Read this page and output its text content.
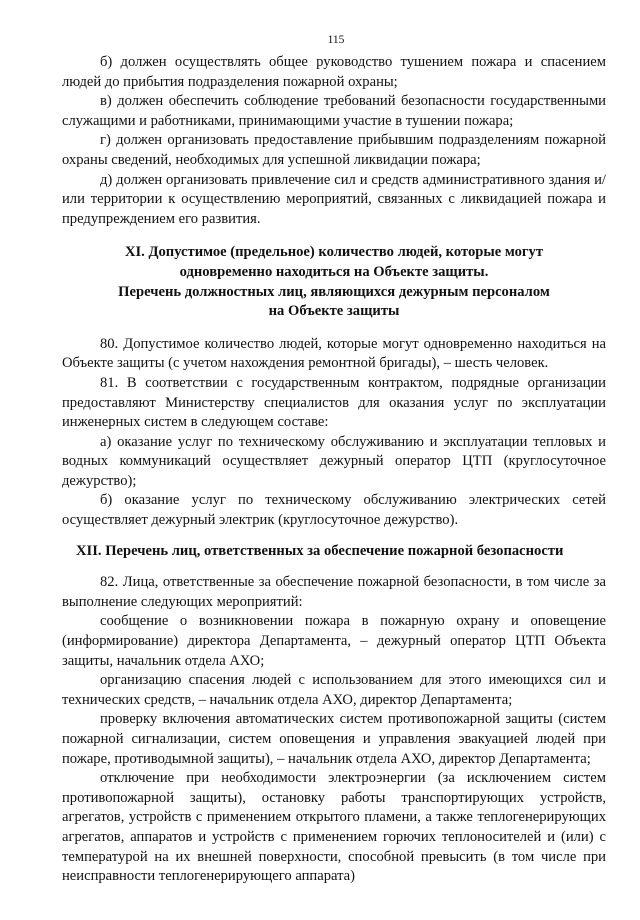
115

б) должен осуществлять общее руководство тушением пожара и спасением людей до прибытия подразделения пожарной охраны;

в) должен обеспечить соблюдение требований безопасности государственными служащими и работниками, принимающими участие в тушении пожара;

г) должен организовать предоставление прибывшим подразделениям пожарной охраны сведений, необходимых для успешной ликвидации пожара;

д) должен организовать привлечение сил и средств административного здания и/или территории к осуществлению мероприятий, связанных с ликвидацией пожара и предупреждением его развития.

XI. Допустимое (предельное) количество людей, которые могут
одновременно находиться на Объекте защиты.
Перечень должностных лиц, являющихся дежурным персоналом
на Объекте защиты

80. Допустимое количество людей, которые могут одновременно находиться на Объекте защиты (с учетом нахождения ремонтной бригады), – шесть человек.

81. В соответствии с государственным контрактом, подрядные организации предоставляют Министерству специалистов для оказания услуг по эксплуатации инженерных систем в следующем составе:

а) оказание услуг по техническому обслуживанию и эксплуатации тепловых и водных коммуникаций осуществляет дежурный оператор ЦТП (круглосуточное дежурство);

б) оказание услуг по техническому обслуживанию электрических сетей осуществляет дежурный электрик (круглосуточное дежурство).

XII. Перечень лиц, ответственных за обеспечение пожарной безопасности

82. Лица, ответственные за обеспечение пожарной безопасности, в том числе за выполнение следующих мероприятий:

сообщение о возникновении пожара в пожарную охрану и оповещение (информирование) директора Департамента, – дежурный оператор ЦТП Объекта защиты, начальник отдела АХО;

организацию спасения людей с использованием для этого имеющихся сил и технических средств, – начальник отдела АХО, директор Департамента;

проверку включения автоматических систем противопожарной защиты (систем пожарной сигнализации, систем оповещения и управления эвакуацией людей при пожаре, противодымной защиты), – начальник отдела АХО, директор Департамента;

отключение при необходимости электроэнергии (за исключением систем противопожарной защиты), остановку работы транспортирующих устройств, агрегатов, устройств с применением открытого пламени, а также теплогенерирующих агрегатов, аппаратов и устройств с применением горючих теплоносителей и (или) с температурой на их внешней поверхности, способной превысить (в том числе при неисправности теплогенерирующего аппарата)
